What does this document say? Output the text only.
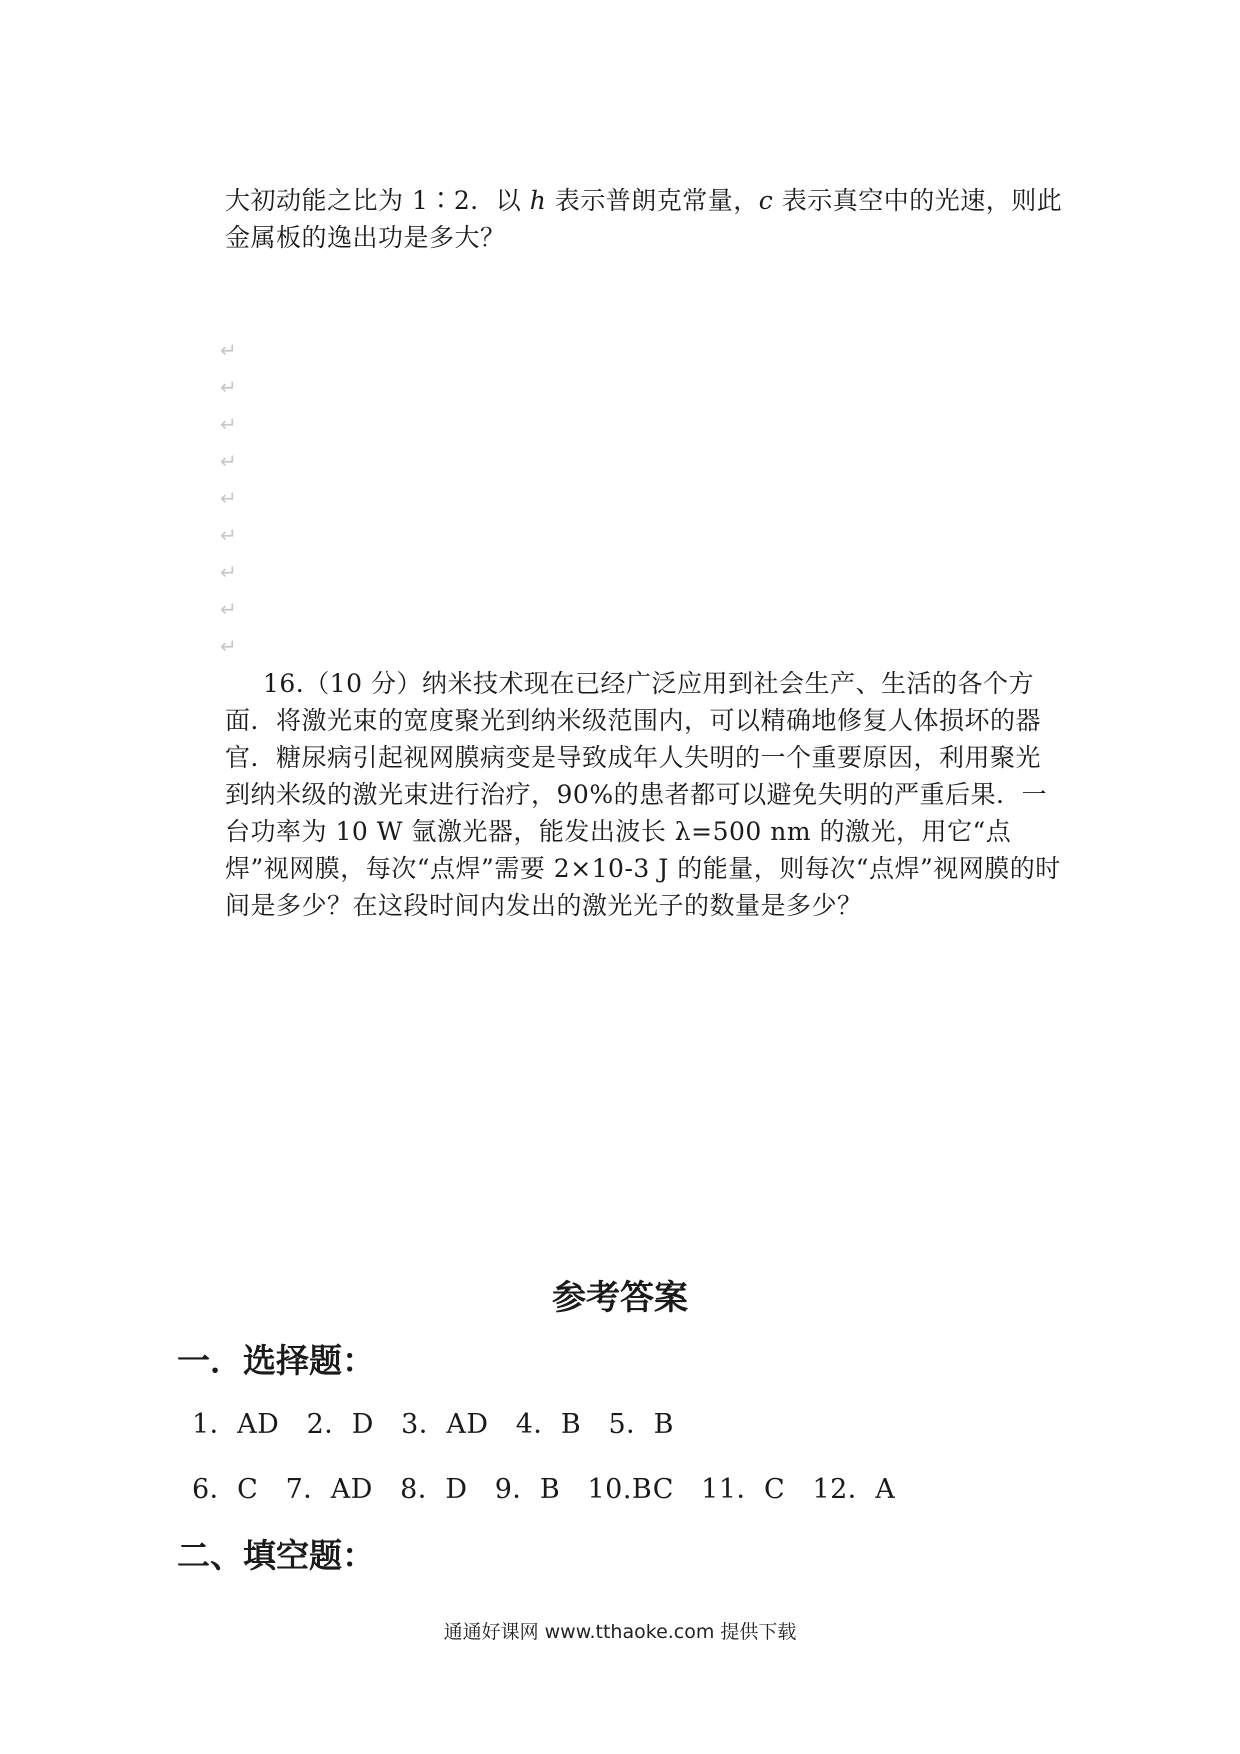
大初动能之比为 1∶2．以 h 表示普朗克常量，c 表示真空中的光速，则此
金属板的逸出功是多大？

↵
↵
↵
↵
↵
↵
↵
↵
↵

16.（10 分）纳米技术现在已经广泛应用到社会生产、生活的各个方面．将激光束的宽度聚光到纳米级范围内，可以精确地修复人体损坏的器官．糖尿病引起视网膜病变是导致成年人失明的一个重要原因，利用聚光到纳米级的激光束进行治疗，90%的患者都可以避免失明的严重后果．一台功率为 10 W 氩激光器，能发出波长 λ=500 nm 的激光，用它“点焊”视网膜，每次“点焊”需要 2×10-3 J 的能量，则每次“点焊”视网膜的时间是多少？在这段时间内发出的激光光子的数量是多少？

参考答案
一．选择题：

1．AD   2．D   3．AD   4．B   5．B

6．C   7．AD   8．D   9．B   10.BC   11．C   12．A

二、填空题：
通通好课网 www.tthaoke.com 提供下载
